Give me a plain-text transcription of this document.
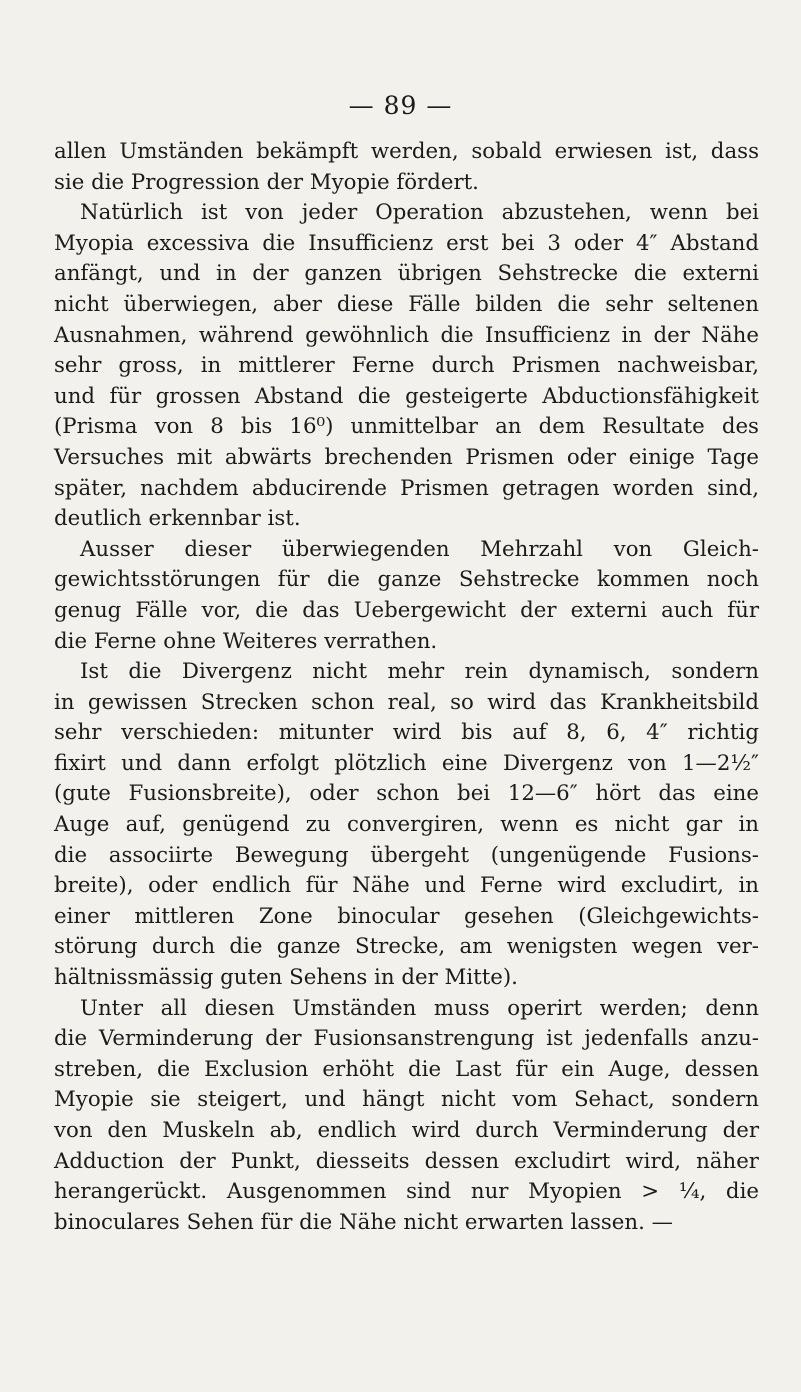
— 89 —
allen Umständen bekämpft werden, sobald erwiesen ist, dass
sie die Progression der Myopie fördert.
Natürlich ist von jeder Operation abzustehen, wenn bei
Myopia excessiva die Insufficienz erst bei 3 oder 4″ Abstand
anfängt, und in der ganzen übrigen Sehstrecke die externi
nicht überwiegen, aber diese Fälle bilden die sehr seltenen
Ausnahmen, während gewöhnlich die Insufficienz in der Nähe
sehr gross, in mittlerer Ferne durch Prismen nachweisbar,
und für grossen Abstand die gesteigerte Abductionsfähigkeit
(Prisma von 8 bis 16⁰) unmittelbar an dem Resultate des
Versuches mit abwärts brechenden Prismen oder einige Tage
später, nachdem abducirende Prismen getragen worden sind,
deutlich erkennbar ist.
Ausser dieser überwiegenden Mehrzahl von Gleich-
gewichtsstörungen für die ganze Sehstrecke kommen noch
genug Fälle vor, die das Uebergewicht der externi auch für
die Ferne ohne Weiteres verrathen.
Ist die Divergenz nicht mehr rein dynamisch, sondern
in gewissen Strecken schon real, so wird das Krankheitsbild
sehr verschieden: mitunter wird bis auf 8, 6, 4″ richtig
fixirt und dann erfolgt plötzlich eine Divergenz von 1—2½″
(gute Fusionsbreite), oder schon bei 12—6″ hört das eine
Auge auf, genügend zu convergiren, wenn es nicht gar in
die associirte Bewegung übergeht (ungenügende Fusions-
breite), oder endlich für Nähe und Ferne wird excludirt, in
einer mittleren Zone binocular gesehen (Gleichgewichts-
störung durch die ganze Strecke, am wenigsten wegen ver-
hältnissmässig guten Sehens in der Mitte).
Unter all diesen Umständen muss operirt werden; denn
die Verminderung der Fusionsanstrengung ist jedenfalls anzu-
streben, die Exclusion erhöht die Last für ein Auge, dessen
Myopie sie steigert, und hängt nicht vom Sehact, sondern
von den Muskeln ab, endlich wird durch Verminderung der
Adduction der Punkt, diesseits dessen excludirt wird, näher
herangerückt. Ausgenommen sind nur Myopien > ¼, die
binoculares Sehen für die Nähe nicht erwarten lassen. —
